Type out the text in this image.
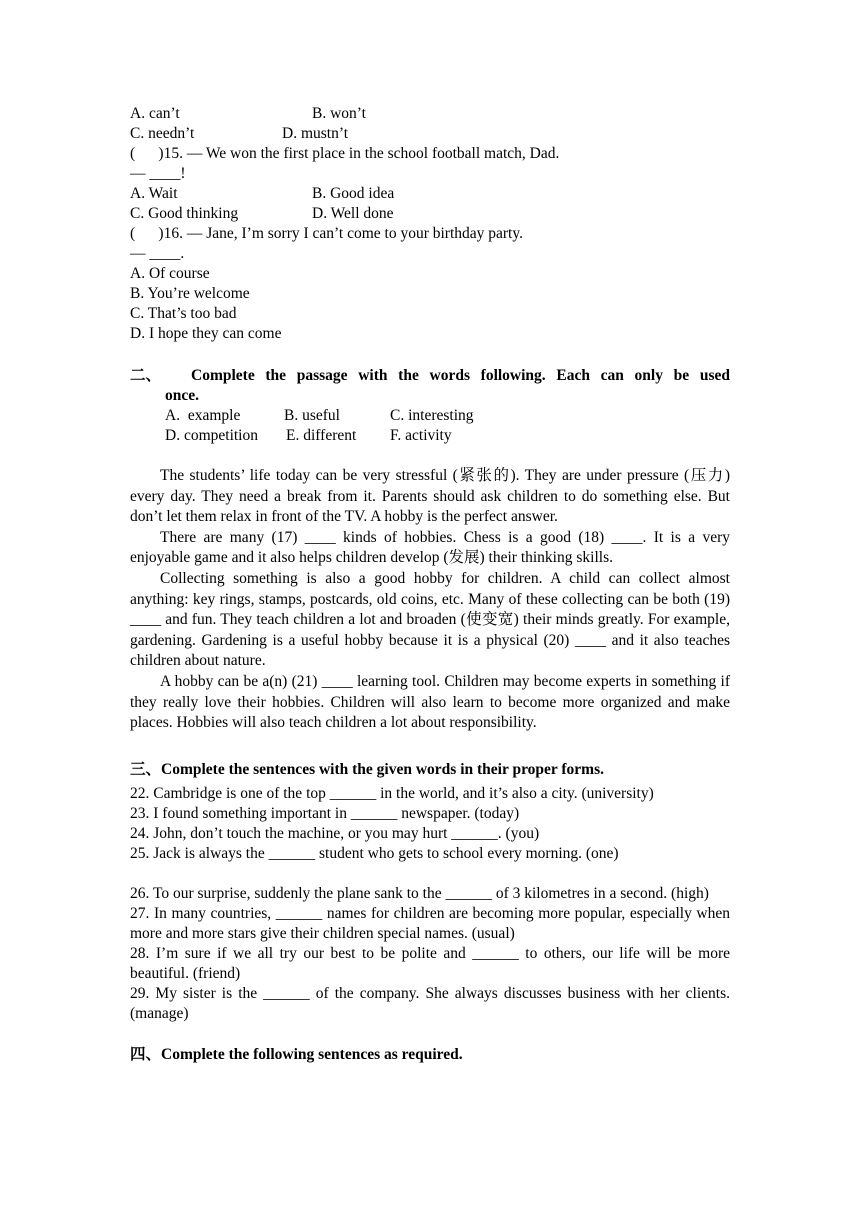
A. can’t	B. won’t
C. needn’t	D. mustn’t
(      )15. — We won the first place in the school football match, Dad.
— ____!
A. Wait	B. Good idea
C. Good thinking	D. Well done
(      )16. — Jane, I’m sorry I can’t come to your birthday party.
— ____.
A. Of course
B. You’re welcome
C. That’s too bad
D. I hope they can come
二、 Complete the passage with the words following. Each can only be used
once.
A.  example	B. useful	C. interesting
D. competition E. different F. activity

The students’ life today can be very stressful (紧张的). They are under pressure (压力) every day. They need a break from it. Parents should ask children to do something else. But don’t let them relax in front of the TV. A hobby is the perfect answer.

There are many (17) ____ kinds of hobbies. Chess is a good (18) ____. It is a very enjoyable game and it also helps children develop (发展) their thinking skills.

Collecting something is also a good hobby for children. A child can collect almost anything: key rings, stamps, postcards, old coins, etc. Many of these collecting can be both (19) ____ and fun. They teach children a lot and broaden (使变宽) their minds greatly. For example, gardening. Gardening is a useful hobby because it is a physical (20) ____ and it also teaches children about nature.

A hobby can be a(n) (21) ____ learning tool. Children may become experts in something if they really love their hobbies. Children will also learn to become more organized and make places. Hobbies will also teach children a lot about responsibility.

三、Complete the sentences with the given words in their proper forms.
22. Cambridge is one of the top ______ in the world, and it’s also a city. (university)
23. I found something important in ______ newspaper. (today)
24. John, don’t touch the machine, or you may hurt ______. (you)
25. Jack is always the ______ student who gets to school every morning. (one)

26. To our surprise, suddenly the plane sank to the ______ of 3 kilometres in a second. (high)

27. In many countries, ______ names for children are becoming more popular, especially when more and more stars give their children special names. (usual)

28. I’m sure if we all try our best to be polite and ______ to others, our life will be more beautiful. (friend)

29. My sister is the ______ of the company. She always discusses business with her clients. (manage)

四、Complete the following sentences as required.
